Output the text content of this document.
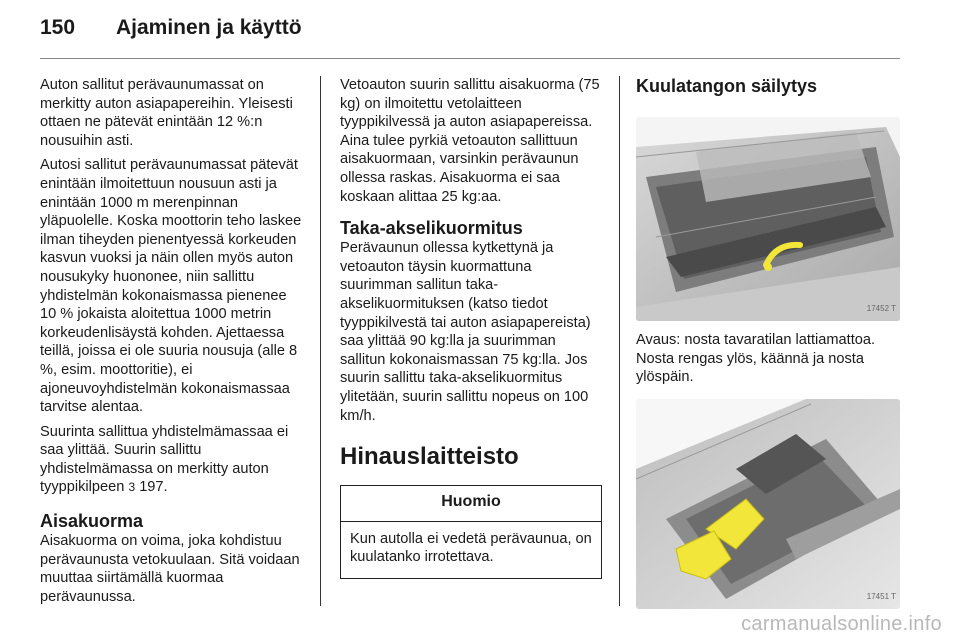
150 Ajaminen ja käyttö

Auton sallitut perävaunumassat on merkitty auton asiapapereihin. Yleisesti ottaen ne pätevät enintään 12 %:n nousuihin asti.

Autosi sallitut perävaunumassat pätevät enintään ilmoitettuun nousuun asti ja enintään 1000 m merenpinnan yläpuolelle. Koska moottorin teho laskee ilman tiheyden pienentyessä korkeuden kasvun vuoksi ja näin ollen myös auton nousukyky huononee, niin sallittu yhdistelmän kokonaismassa pienenee 10 % jokaista aloitettua 1000 metrin korkeudenlisäystä kohden. Ajettaessa teillä, joissa ei ole suuria nousuja (alle 8 %, esim. moottoritie), ei ajoneuvoyhdistelmän kokonaismassaa tarvitse alentaa.

Suurinta sallittua yhdistelmämassaa ei saa ylittää. Suurin sallittu yhdistelmämassa on merkitty auton tyyppikilpeen 3 197.

Aisakuorma

Aisakuorma on voima, joka kohdistuu perävaunusta vetokuulaan. Sitä voidaan muuttaa siirtämällä kuormaa perävaunussa.

Vetoauton suurin sallittu aisakuorma (75 kg) on ilmoitettu vetolaitteen tyyppikilvessä ja auton asiapapereissa. Aina tulee pyrkiä vetoauton sallittuun aisakuormaan, varsinkin perävaunun ollessa raskas. Aisakuorma ei saa koskaan alittaa 25 kg:aa.

Taka-akselikuormitus

Perävaunun ollessa kytkettynä ja vetoauton täysin kuormattuna suurimman sallitun taka-akselikuormituksen (katso tiedot tyyppikilvestä tai auton asiapapereista) saa ylittää 90 kg:lla ja suurimman sallitun kokonaismassan 75 kg:lla. Jos suurin sallittu taka-akselikuormitus ylitetään, suurin sallittu nopeus on 100 km/h.

Hinauslaitteisto
Huomio
Kun autolla ei vedetä perävaunua, on kuulatanko irrotettava.
Kuulatangon säilytys
17452 T

Avaus: nosta tavaratilan lattiamattoa. Nosta rengas ylös, käännä ja nosta ylöspäin.

17451 T
carmanualsonline.info
